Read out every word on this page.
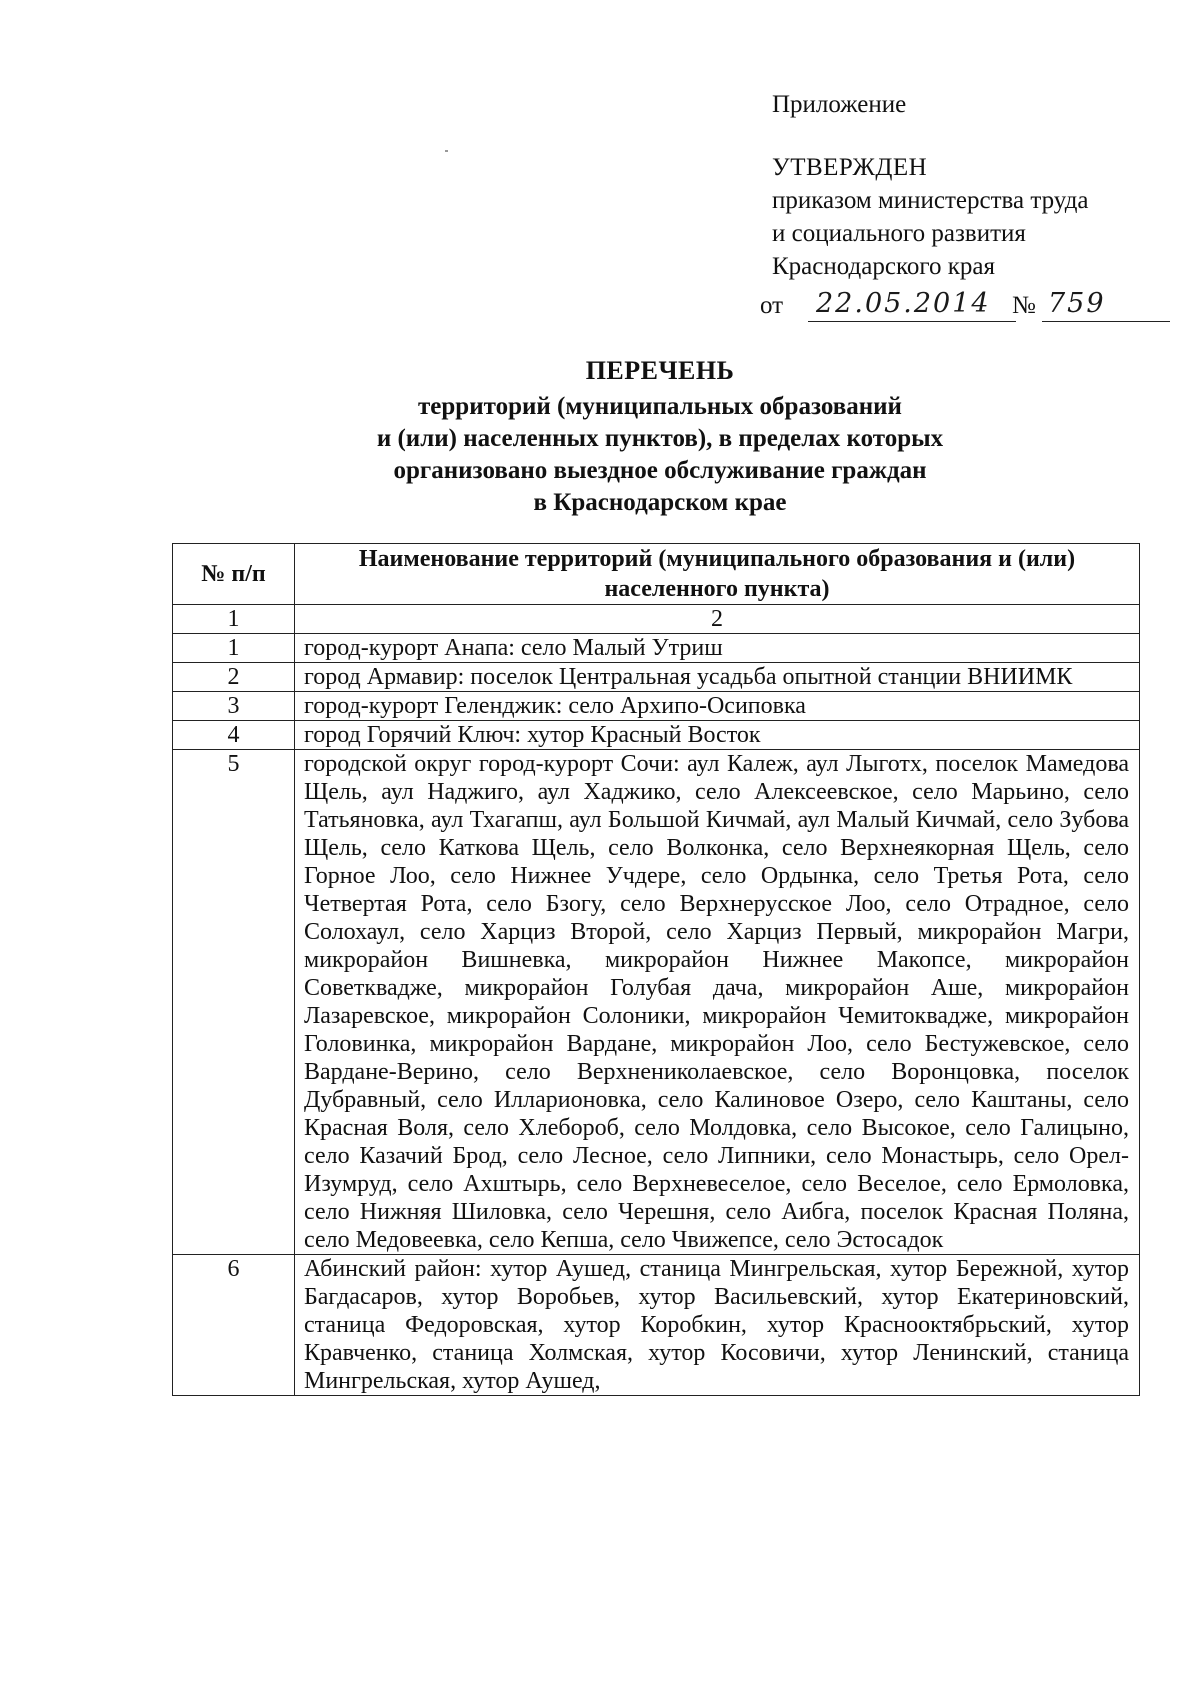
Приложение
УТВЕРЖДЕН
приказом министерства труда
и социального развития
Краснодарского края
от 22.05.2014 № 759
ПЕРЕЧЕНЬ
территорий (муниципальных образований
и (или) населенных пунктов), в пределах которых
организовано выездное обслуживание граждан
в Краснодарском крае
№ п/п	Наименование территорий (муниципального образования и (или) населенного пункта)
1	2
1	город-курорт Анапа: село Малый Утриш
2	город Армавир: поселок Центральная усадьба опытной станции ВНИИМК
3	город-курорт Геленджик: село Архипо-Осиповка
4	город Горячий Ключ: хутор Красный Восток
5	городской округ город-курорт Сочи: аул Калеж, аул Лыготх, поселок Мамедова Щель, аул Наджиго, аул Хаджико, село Алексеевское, село Марьино, село Татьяновка, аул Тхагапш, аул Большой Кичмай, аул Малый Кичмай, село Зубова Щель, село Каткова Щель, село Волконка, село Верхнеякорная Щель, село Горное Лоо, село Нижнее Учдере, село Ордынка, село Третья Рота, село Четвертая Рота, село Бзогу, село Верхнерусское Лоо, село Отрадное, село Солохаул, село Харциз Второй, село Харциз Первый, микрорайон Магри, микрорайон Вишневка, микрорайон Нижнее Макопсе, микрорайон Советквадже, микрорайон Голубая дача, микрорайон Аше, микрорайон Лазаревское, микрорайон Солоники, микрорайон Чемитоквадже, микрорайон Головинка, микрорайон Вардане, микрорайон Лоо, село Бестужевское, село Вардане-Верино, село Верхнениколаевское, село Воронцовка, поселок Дубравный, село Илларионовка, село Калиновое Озеро, село Каштаны, село Красная Воля, село Хлебороб, село Молдовка, село Высокое, село Галицыно, село Казачий Брод, село Лесное, село Липники, село Монастырь, село Орел-Изумруд, село Ахштырь, село Верхневеселое, село Веселое, село Ермоловка, село Нижняя Шиловка, село Черешня, село Аибга, поселок Красная Поляна, село Медовеевка, село Кепша, село Чвижепсе, село Эстосадок
6	Абинский район: хутор Аушед, станица Мингрельская, хутор Бережной, хутор Багдасаров, хутор Воробьев, хутор Васильевский, хутор Екатериновский, станица Федоровская, хутор Коробкин, хутор Краснооктябрьский, хутор Кравченко, станица Холмская, хутор Косовичи, хутор Ленинский, станица Мингрельская, хутор Аушед,
